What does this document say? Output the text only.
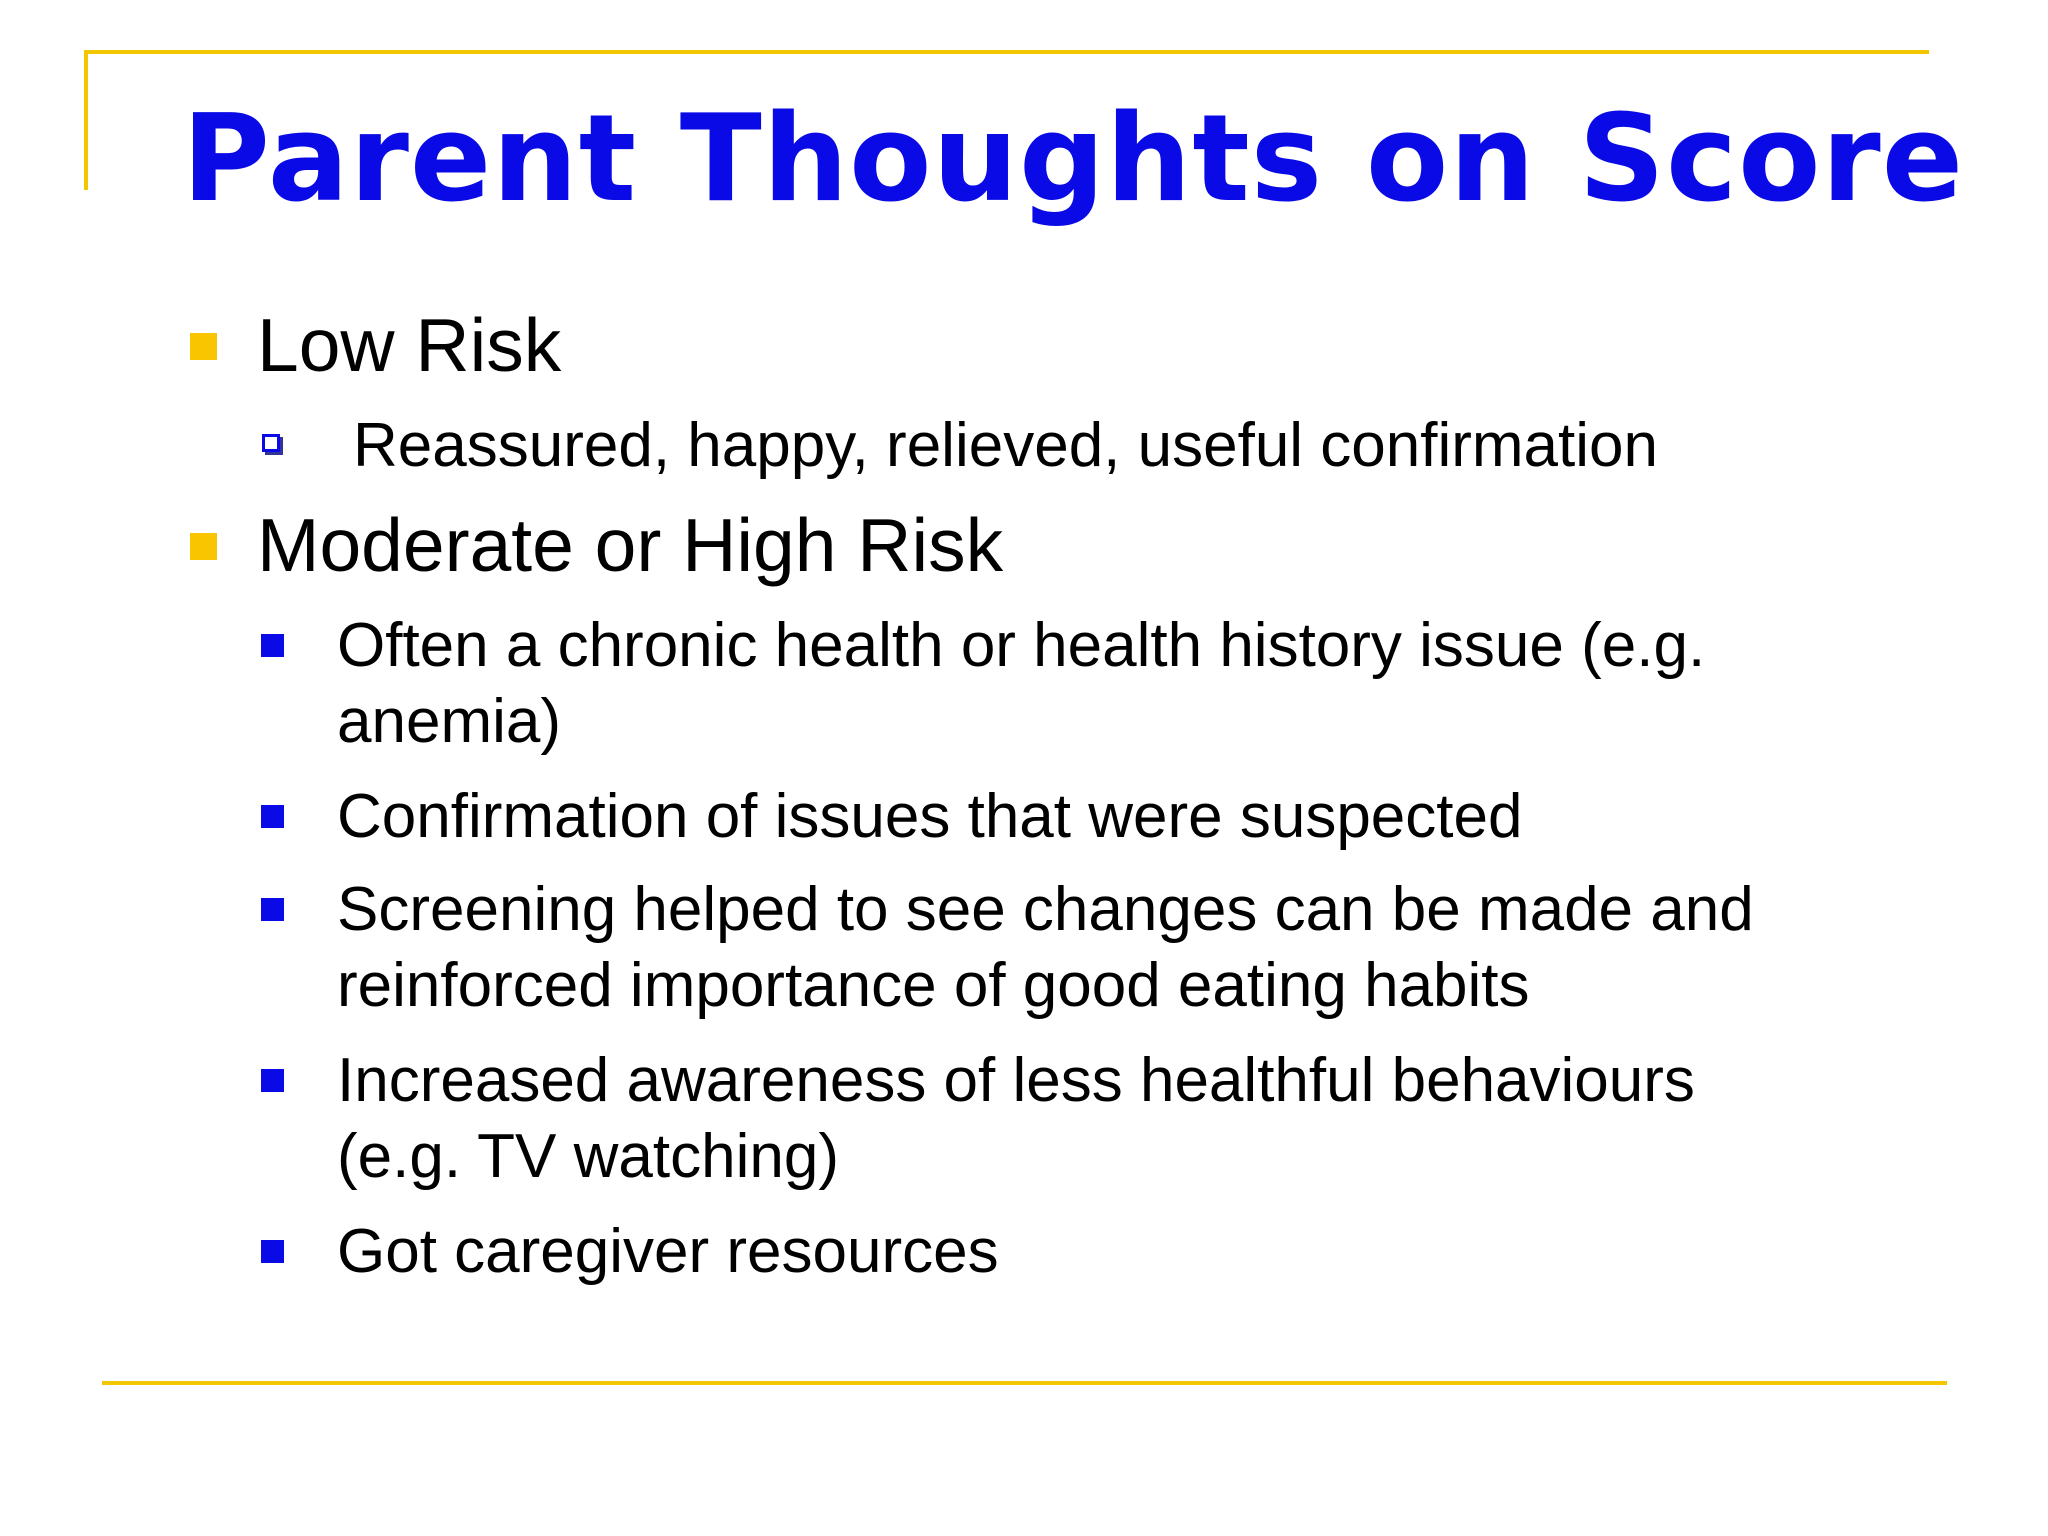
Parent Thoughts on Score
Low Risk
Reassured, happy, relieved, useful confirmation
Moderate or High Risk
Often a chronic health or health history issue (e.g.
anemia)
Confirmation of issues that were suspected
Screening helped to see changes can be made and
reinforced importance of good eating habits
Increased awareness of less healthful behaviours
(e.g. TV watching)
Got caregiver resources
